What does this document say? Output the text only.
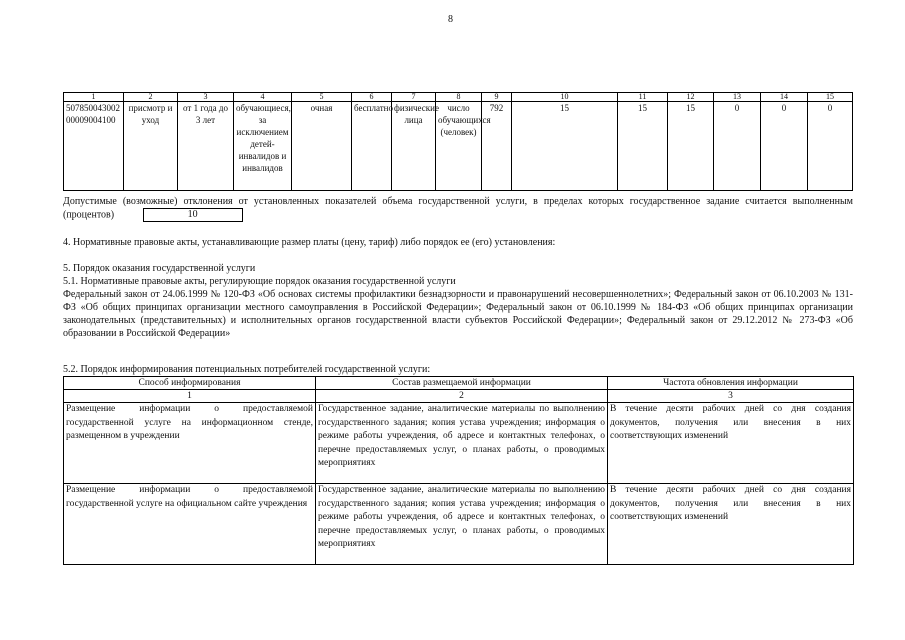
8
1	2	3	4	5	6	7	8	9	10	11	12	13	14	15
507850043002 00009004100	присмотр и уход	от 1 года до 3 лет	обучающиеся, за исключением детей-инвалидов и инвалидов	очная	бесплатно	физические лица	число обучающихся (человек)	792	15	15	15	0	0	0
Допустимые (возможные) отклонения от установленных показателей объема государственной услуги, в пределах которых государственное задание считается выполненным (процентов)	10
4. Нормативные правовые акты, устанавливающие размер платы (цену, тариф) либо порядок ее (его) установления:
5. Порядок оказания государственной услуги
5.1. Нормативные правовые акты, регулирующие порядок оказания государственной услуги
Федеральный закон от 24.06.1999 № 120-ФЗ «Об основах системы профилактики безнадзорности и правонарушений несовершеннолетних»; Федеральный закон от 06.10.2003 № 131-ФЗ «Об общих принципах организации местного самоуправления в Российской Федерации»; Федеральный закон от 06.10.1999 № 184-ФЗ «Об общих принципах организации законодательных (представительных) и исполнительных органов государственной власти субъектов Российской Федерации»; Федеральный закон от 29.12.2012 № 273-ФЗ «Об образовании в Российской Федерации»
5.2. Порядок информирования потенциальных потребителей государственной услуги:
Способ информирования	Состав размещаемой информации	Частота обновления информации
1	2	3
Размещение информации о предоставляемой государственной услуге на информационном стенде, размещенном в учреждении	Государственное задание, аналитические материалы по выполнению государственного задания; копия устава учреждения; информация о режиме работы учреждения, об адресе и контактных телефонах, о перечне предоставляемых услуг, о планах работы, о проводимых мероприятиях	В течение десяти рабочих дней со дня создания документов, получения или внесения в них соответствующих изменений
Размещение информации о предоставляемой государственной услуге на официальном сайте учреждения	Государственное задание, аналитические материалы по выполнению государственного задания; копия устава учреждения; информация о режиме работы учреждения, об адресе и контактных телефонах, о перечне предоставляемых услуг, о планах работы, о проводимых мероприятиях	В течение десяти рабочих дней со дня создания документов, получения или внесения в них соответствующих изменений
